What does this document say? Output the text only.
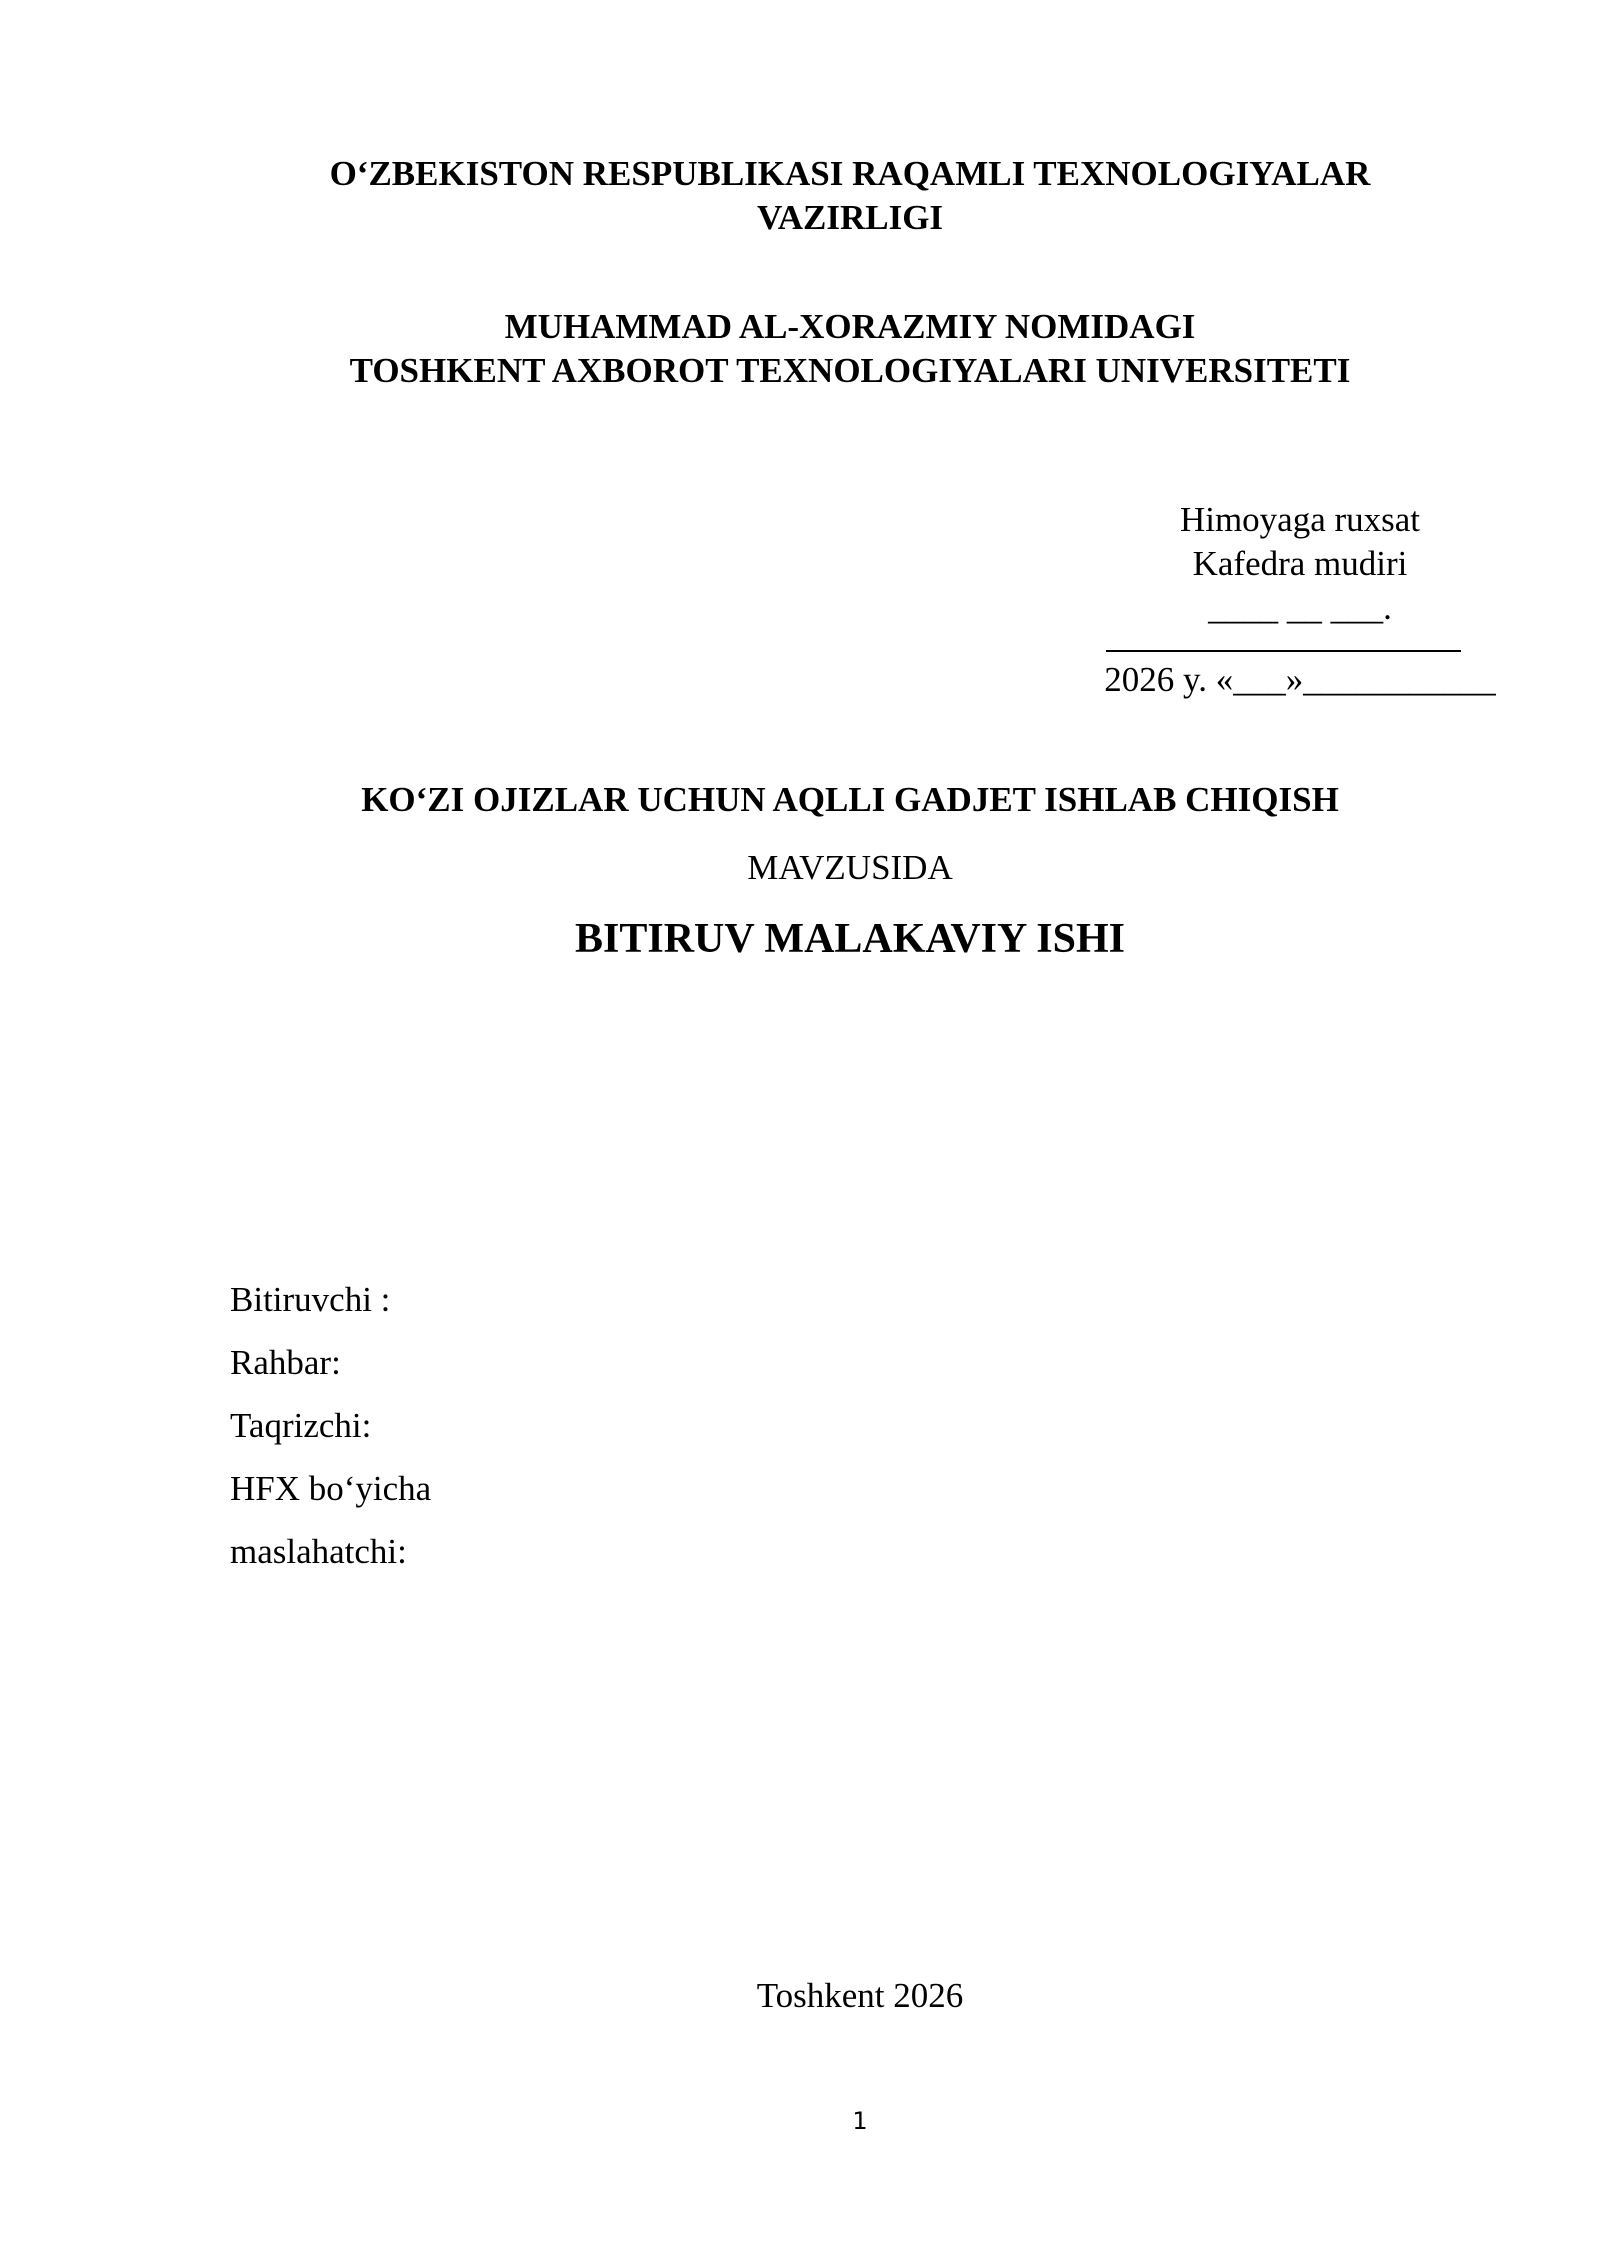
O‘ZBEKISTON RESPUBLIKASI RAQAMLI TEXNOLOGIYALAR
VAZIRLIGI
MUHAMMAD AL-XORAZMIY NOMIDAGI
TOSHKENT AXBOROT TEXNOLOGIYALARI UNIVERSITETI
Himoyaga ruxsat
Kafedra mudiri
____ __ ___.
2026 y. «___»___________
KO‘ZI OJIZLAR UCHUN AQLLI GADJET ISHLAB CHIQISH
MAVZUSIDA
BITIRUV MALAKAVIY ISHI
Bitiruvchi :
Rahbar:
Taqrizchi:
HFX bo‘yicha
maslahatchi:
Toshkent 2026
1
